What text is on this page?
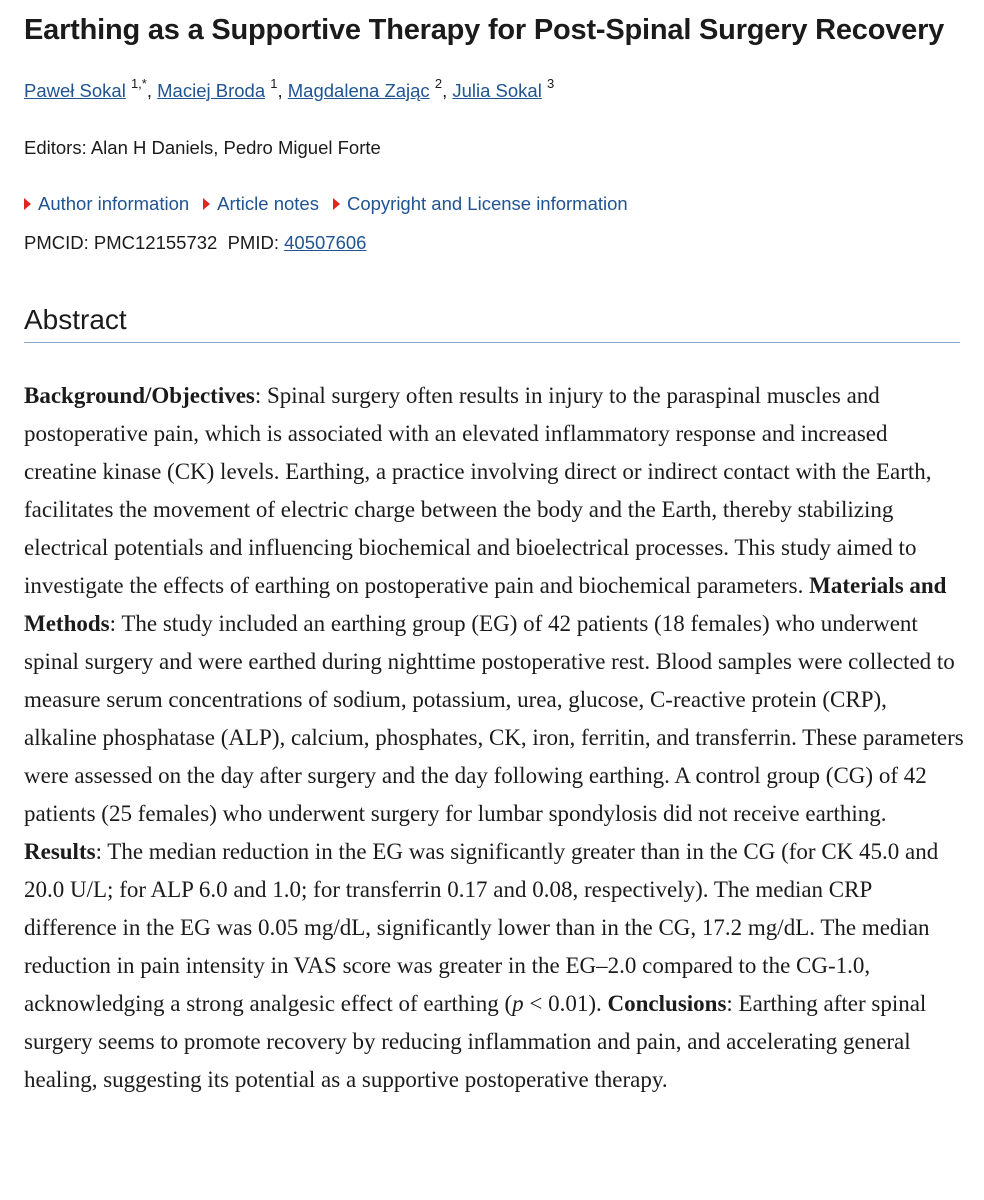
Earthing as a Supportive Therapy for Post-Spinal Surgery Recovery
Paweł Sokal $^{1,*}$, Maciej Broda $^1$, Magdalena Zając $^2$, Julia Sokal $^3$
Editors: Alan H Daniels, Pedro Miguel Forte
Author information Article notes Copyright and License information
PMCID: PMC12155732 PMID: 40507606
Abstract

Background/Objectives: Spinal surgery often results in injury to the paraspinal muscles and postoperative pain, which is associated with an elevated inflammatory response and increased creatine kinase (CK) levels. Earthing, a practice involving direct or indirect contact with the Earth, facilitates the movement of electric charge between the body and the Earth, thereby stabilizing electrical potentials and influencing biochemical and bioelectrical processes. This study aimed to investigate the effects of earthing on postoperative pain and biochemical parameters. Materials and Methods: The study included an earthing group (EG) of 42 patients (18 females) who underwent spinal surgery and were earthed during nighttime postoperative rest. Blood samples were collected to measure serum concentrations of sodium, potassium, urea, glucose, C-reactive protein (CRP), alkaline phosphatase (ALP), calcium, phosphates, CK, iron, ferritin, and transferrin. These parameters were assessed on the day after surgery and the day following earthing. A control group (CG) of 42 patients (25 females) who underwent surgery for lumbar spondylosis did not receive earthing. Results: The median reduction in the EG was significantly greater than in the CG (for CK 45.0 and 20.0 U/L; for ALP 6.0 and 1.0; for transferrin 0.17 and 0.08, respectively). The median CRP difference in the EG was 0.05 mg/dL, significantly lower than in the CG, 17.2 mg/dL. The median reduction in pain intensity in VAS score was greater in the EG–2.0 compared to the CG-1.0, acknowledging a strong analgesic effect of earthing (p < 0.01). Conclusions: Earthing after spinal surgery seems to promote recovery by reducing inflammation and pain, and accelerating general healing, suggesting its potential as a supportive postoperative therapy.
